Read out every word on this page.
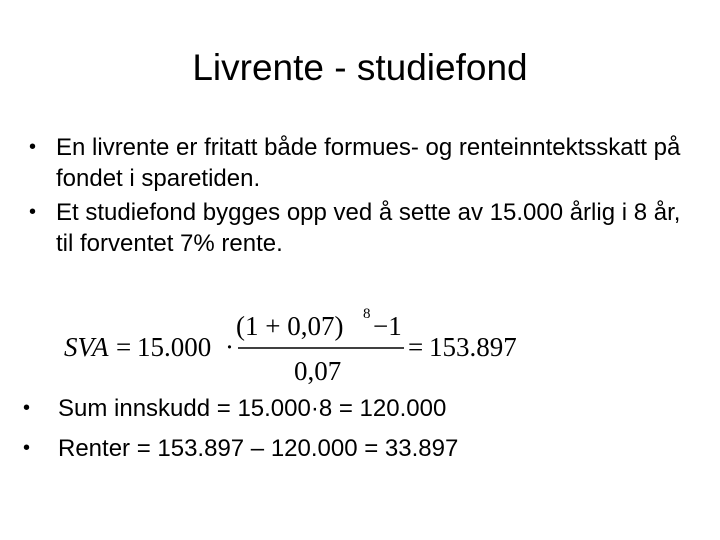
Livrente - studiefond
• En livrente er fritatt både formues- og renteinntektsskatt på fondet i sparetiden.
• Et studiefond bygges opp ved å sette av 15.000 årlig i 8 år, til forventet 7% rente.
SVA = 15.000 ·
(1 + 0,07) 8 −1
0,07
= 153.897
• Sum innskudd = 15.000·8 = 120.000
• Renter = 153.897 – 120.000 = 33.897
